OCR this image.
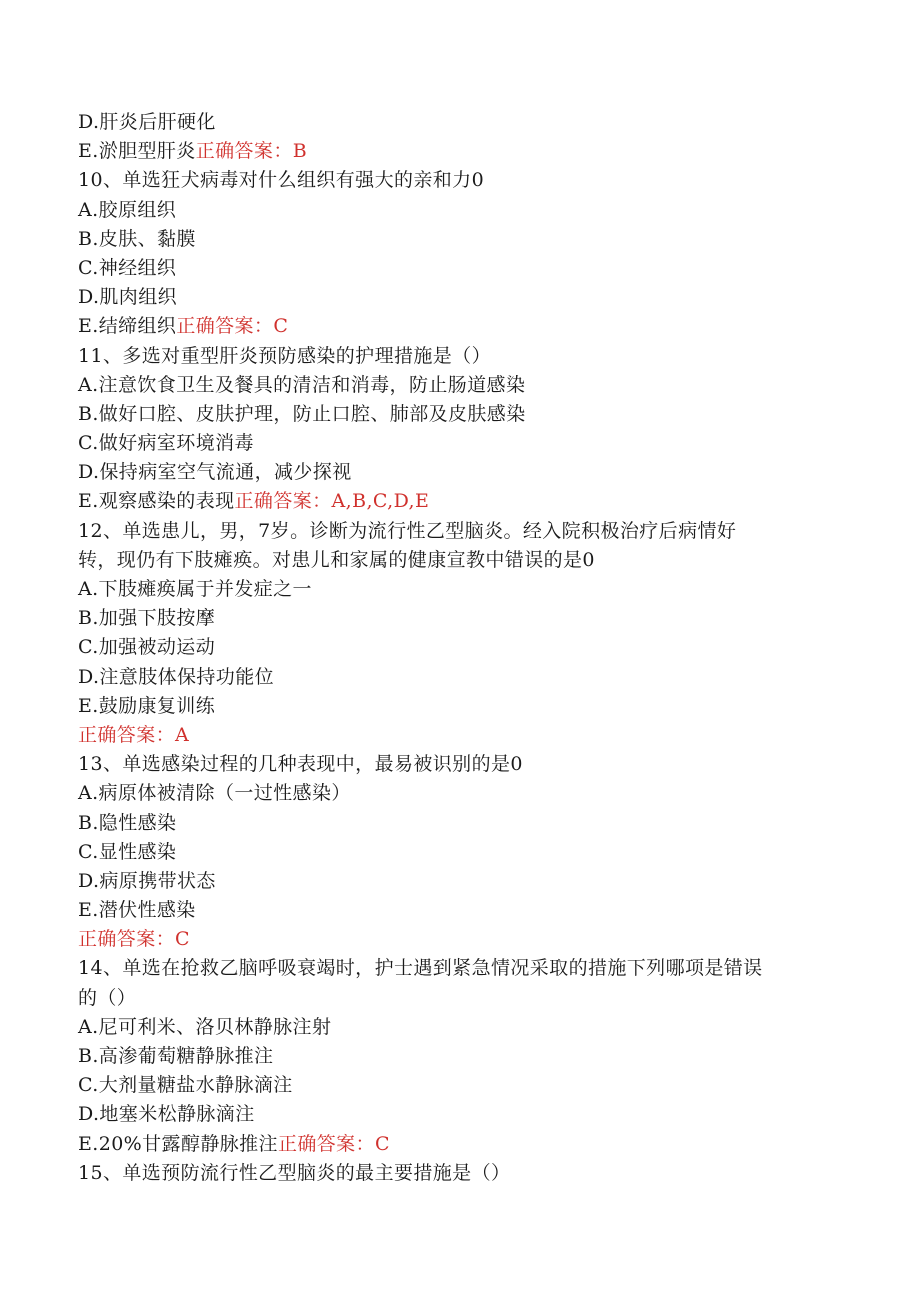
D.肝炎后肝硬化
E.淤胆型肝炎正确答案：B
10、单选狂犬病毒对什么组织有强大的亲和力0
A.胶原组织
B.皮肤、黏膜
C.神经组织
D.肌肉组织
E.结缔组织正确答案：C
11、多选对重型肝炎预防感染的护理措施是（）
A.注意饮食卫生及餐具的清洁和消毒，防止肠道感染
B.做好口腔、皮肤护理，防止口腔、肺部及皮肤感染
C.做好病室环境消毒
D.保持病室空气流通，减少探视
E.观察感染的表现正确答案：A,B,C,D,E
12、单选患儿，男，7岁。诊断为流行性乙型脑炎。经入院积极治疗后病情好
转，现仍有下肢瘫痪。对患儿和家属的健康宣教中错误的是0
A.下肢瘫痪属于并发症之一
B.加强下肢按摩
C.加强被动运动
D.注意肢体保持功能位
E.鼓励康复训练
正确答案：A
13、单选感染过程的几种表现中，最易被识别的是0
A.病原体被清除（一过性感染）
B.隐性感染
C.显性感染
D.病原携带状态
E.潜伏性感染
正确答案：C
14、单选在抢救乙脑呼吸衰竭时，护士遇到紧急情况采取的措施下列哪项是错误
的（）
A.尼可利米、洛贝林静脉注射
B.高渗葡萄糖静脉推注
C.大剂量糖盐水静脉滴注
D.地塞米松静脉滴注
E.20%甘露醇静脉推注正确答案：C
15、单选预防流行性乙型脑炎的最主要措施是（）
